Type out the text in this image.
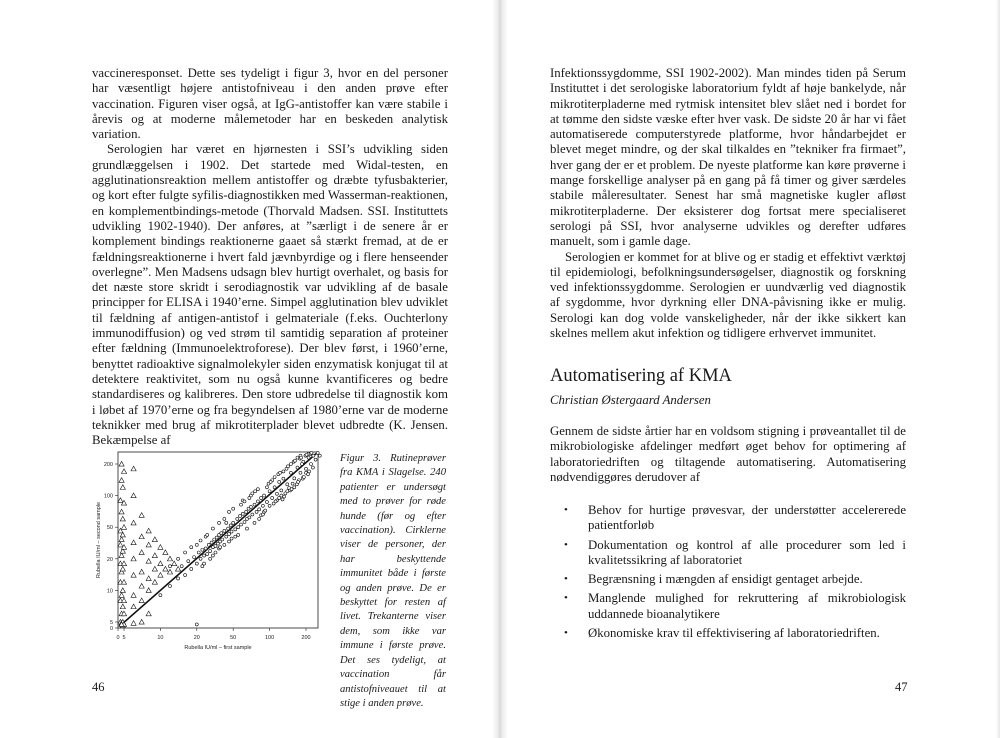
vaccineresponset. Dette ses tydeligt i figur 3, hvor en del personer har væsentligt højere antistofniveau i den anden prøve efter vaccination. Figuren viser også, at IgG-antistoffer kan være stabile i årevis og at moderne målemetoder har en beskeden analytisk variation.

Serologien har været en hjørnesten i SSI’s udvikling siden grundlæggelsen i 1902. Det startede med Widal-testen, en agglutinationsreaktion mellem antistoffer og dræbte tyfusbakterier, og kort efter fulgte syfilis-diagnostikken med Wasserman-reaktionen, en komplementbindings-metode (Thorvald Madsen. SSI. Instituttets udvikling 1902-1940). Der anføres, at ”særligt i de senere år er komplement bindings reaktionerne gaaet så stærkt fremad, at de er fældningsreaktionerne i hvert fald jævnbyrdige og i flere henseender overlegne”. Men Madsens udsagn blev hurtigt overhalet, og basis for det næste store skridt i serodiagnostik var udvikling af de basale principper for ELISA i 1940’erne. Simpel agglutination blev udviklet til fældning af antigen-antistof i gelmateriale (f.eks. Ouchterlony immunodiffusion) og ved strøm til samtidig separation af proteiner efter fældning (Immunoelektroforese). Der blev først, i 1960’erne, benyttet radioaktive signalmolekyler siden enzymatisk konjugat til at detektere reaktivitet, som nu også kunne kvantificeres og bedre standardiseres og kalibreres. Den store udbredelse til diagnostik kom i løbet af 1970’erne og fra begyndelsen af 1980’erne var de moderne teknikker med brug af mikrotiterplader blevet udbredte (K. Jensen. Bekæmpelse af

0 5	10	20	50	100	200
0
5
10
20
50
100
200
Rubella IU/ml – first sample
Rubella IU/ml – second sample

Figur 3. Rutineprøver fra KMA i Slagelse. 240 patienter er undersøgt med to prøver for røde hunde (før og efter vaccination). Cirklerne viser de personer, der har beskyttende immunitet både i første og anden prøve. De er beskyttet for resten af livet. Trekanterne viser dem, som ikke var immune i første prøve. Det ses tydeligt, at vaccination får antistofniveauet til at stige i anden prøve.

46

Infektionssygdomme, SSI 1902-2002). Man mindes tiden på Serum Instituttet i det serologiske laboratorium fyldt af høje bankelyde, når mikrotiterpladerne med rytmisk intensitet blev slået ned i bordet for at tømme den sidste væske efter hver vask. De sidste 20 år har vi fået automatiserede computerstyrede platforme, hvor håndarbejdet er blevet meget mindre, og der skal tilkaldes en ”tekniker fra firmaet”, hver gang der er et problem. De nyeste platforme kan køre prøverne i mange forskellige analyser på en gang på få timer og giver særdeles stabile måleresultater. Senest har små magnetiske kugler afløst mikrotiterpladerne. Der eksisterer dog fortsat mere specialiseret serologi på SSI, hvor analyserne udvikles og derefter udføres manuelt, som i gamle dage.

Serologien er kommet for at blive og er stadig et effektivt værktøj til epidemiologi, befolkningsundersøgelser, diagnostik og forskning ved infektionssygdomme. Serologien er uundværlig ved diagnostik af sygdomme, hvor dyrkning eller DNA-påvisning ikke er mulig. Serologi kan dog volde vanskeligheder, når der ikke sikkert kan skelnes mellem akut infektion og tidligere erhvervet immunitet.

Automatisering af KMA

Christian Østergaard Andersen

Gennem de sidste årtier har en voldsom stigning i prøveantallet til de mikrobiologiske afdelinger medført øget behov for optimering af laboratoriedriften og tiltagende automatisering. Automatisering nødvendiggøres derudover af

• Behov for hurtige prøvesvar, der understøtter accelererede patientforløb
• Dokumentation og kontrol af alle procedurer som led i kvalitetssikring af laboratoriet
• Begrænsning i mængden af ensidigt gentaget arbejde.
• Manglende mulighed for rekruttering af mikrobiologisk uddannede bioanalytikere
• Økonomiske krav til effektivisering af laboratoriedriften.
47
